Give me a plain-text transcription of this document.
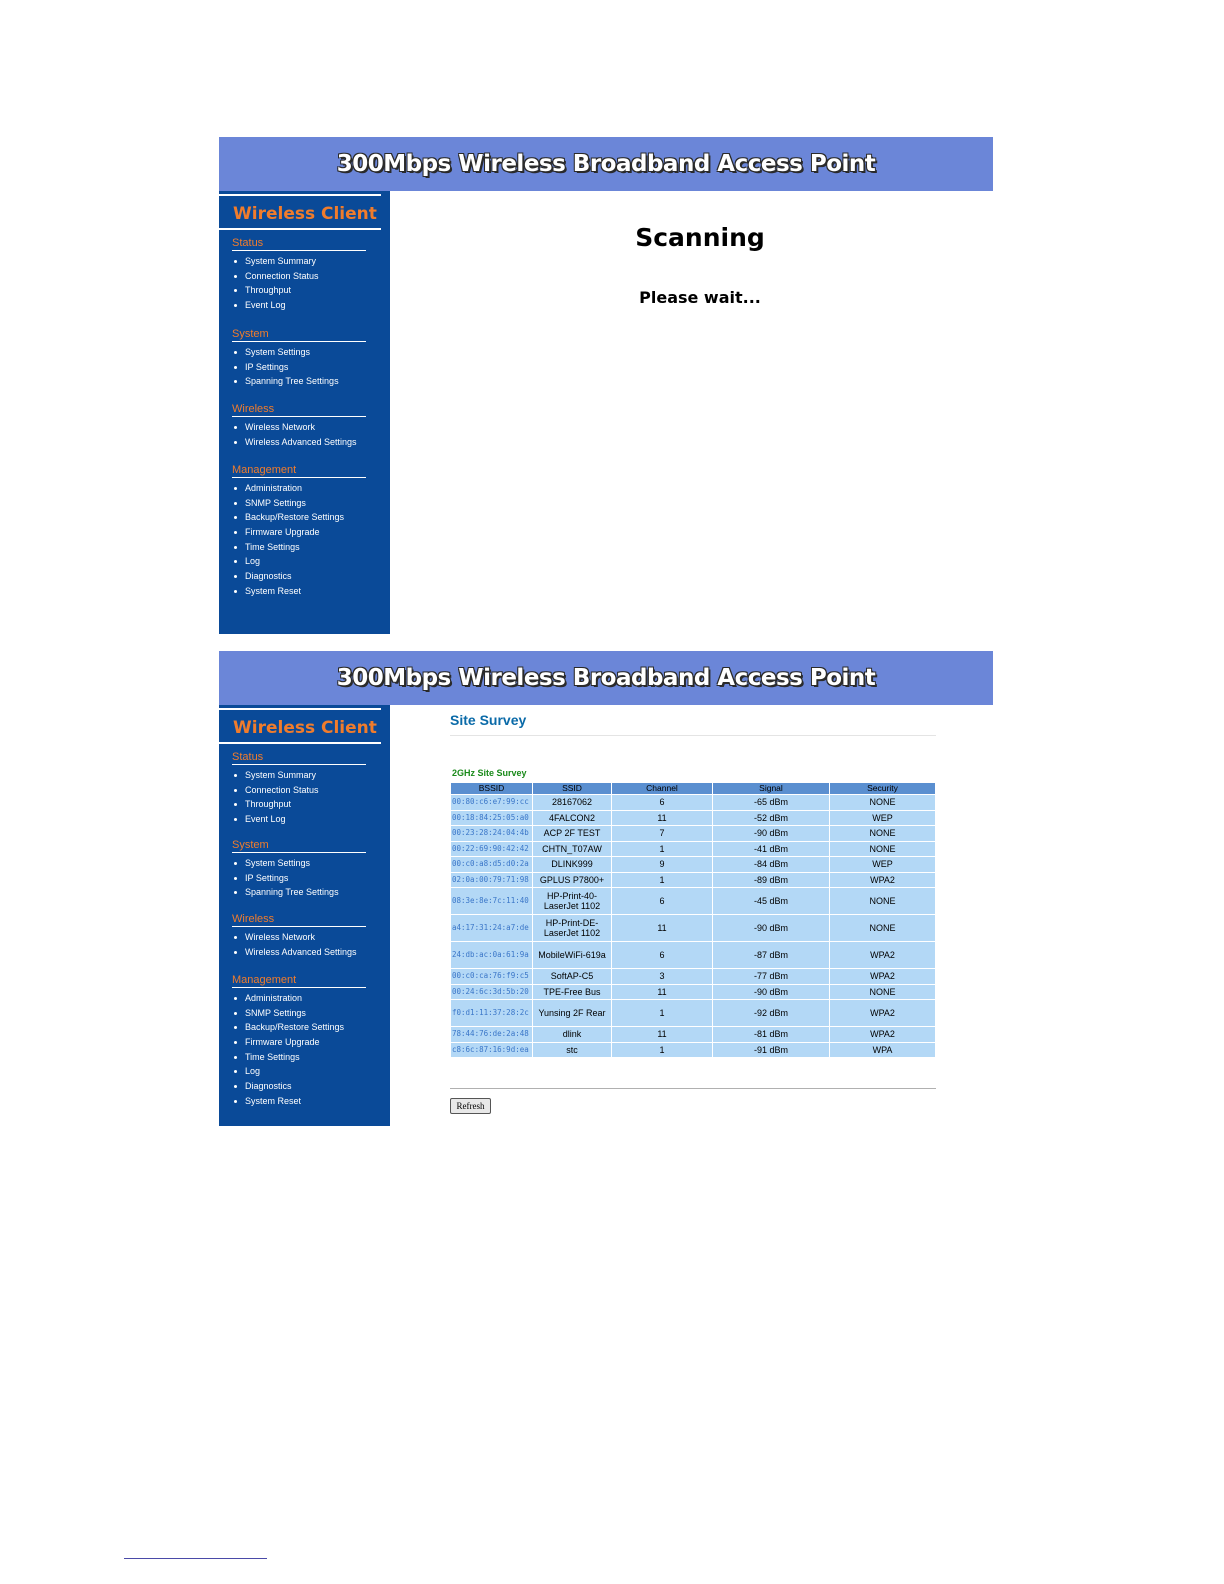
300Mbps Wireless Broadband Access Point
Wireless Client
Status
System Summary
Connection Status
Throughput
Event Log
System
System Settings
IP Settings
Spanning Tree Settings
Wireless
Wireless Network
Wireless Advanced Settings
Management
Administration
SNMP Settings
Backup/Restore Settings
Firmware Upgrade
Time Settings
Log
Diagnostics
System Reset
Scanning
Please wait...
300Mbps Wireless Broadband Access Point
Wireless Client
Status
System Summary
Connection Status
Throughput
Event Log
System
System Settings
IP Settings
Spanning Tree Settings
Wireless
Wireless Network
Wireless Advanced Settings
Management
Administration
SNMP Settings
Backup/Restore Settings
Firmware Upgrade
Time Settings
Log
Diagnostics
System Reset
Site Survey
2GHz Site Survey
BSSID	SSID	Channel	Signal	Security
00:80:c6:e7:99:cc	28167062	6	-65 dBm	NONE
00:18:84:25:05:a0	4FALCON2	11	-52 dBm	WEP
00:23:28:24:04:4b	ACP 2F TEST	7	-90 dBm	NONE
00:22:69:90:42:42	CHTN_T07AW	1	-41 dBm	NONE
00:c0:a8:d5:d0:2a	DLINK999	9	-84 dBm	WEP
02:0a:00:79:71:98	GPLUS P7800+	1	-89 dBm	WPA2
08:3e:8e:7c:11:40	HP-Print-40-LaserJet 1102	6	-45 dBm	NONE
a4:17:31:24:a7:de	HP-Print-DE-LaserJet 1102	11	-90 dBm	NONE
24:db:ac:0a:61:9a	MobileWiFi-619a	6	-87 dBm	WPA2
00:c0:ca:76:f9:c5	SoftAP-C5	3	-77 dBm	WPA2
00:24:6c:3d:5b:20	TPE-Free Bus	11	-90 dBm	NONE
f0:d1:11:37:28:2c	Yunsing 2F Rear	1	-92 dBm	WPA2
78:44:76:de:2a:48	dlink	11	-81 dBm	WPA2
c8:6c:87:16:9d:ea	stc	1	-91 dBm	WPA
Refresh
